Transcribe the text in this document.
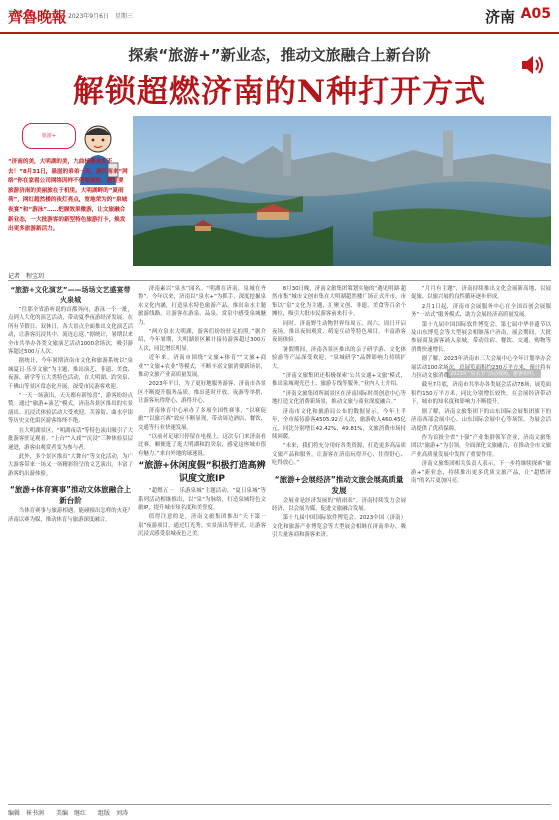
齊魯晚報 2023年9月6日　星期三	济南 A05
探索“旅游+”新业态，推动文旅融合上新台阶
解锁超燃济南的N种打开方式
旅游+
“济南的美，大明湖的美，九曲杨柳来发不去！”8月31日，悬崖的弟弟一天，游江南来“网络”你在家看公司网络因样不停地描绘，婉道要旅游济南的美丽旅在于机里。大明湖畔的“夏雨荷”，网红超然楼的夜灯亮点，宽地荣为的“泉城夜宴”和“游泳”……把握效果微游，让文旅融合新业态，一大批游客的新型特色旅游打卡，焕发出更多旅游新活力。
2023年“泉水节”活动现场，游客如织。
记者　程宝玥

“旅游+文化演艺”——场场文艺盛宴带火泉城

“往那全省游听说的首都奔向，游泳一个一批，点到人大化的演艺活动，带动夏季夜游经济发展。在所有节假日、双休日，各大景点全面推出文化演艺活动，让游客沉浸其中，流连忘返。”据统计，暑期以来全市共举办各类文旅演艺活动1000余场次，吸引游客超过500万人次。

据统计，今年暑期济南市文化和旅游系统以“泉城夏日·乐享文旅”为主题，推出演艺、非遗、美食、夜游、研学等五大类特色活动，在大明湖、趵突泉、千佛山等景区常态化开展，深受市民游客欢迎。

“一天一场演出，天天都有新惊喜”，游客纷纷点赞。通过“旅游+演艺”模式，济南各景区推出的实景演出、沉浸式体验活动大受欢迎，芙蓉街、曲水亭街等历史文化街区游客络绎不绝。

在大明湖景区，“明湖夜话”等特色演出吸引了大批游客驻足观看。“上台”“入戏”“沉浸”三种体验层层递进，游客由观赏者变为参与者。

此外，多个景区推出“大舞台”等文化活动，为广大游客带来一场又一场精彩纷呈的文艺演出，丰富了游客的出游体验。

“旅游+体育赛事”推动文体旅融合上新台阶

当体育赛事与旅游相遇，能碰撞出怎样的火花？济南以赛为媒，推动体育与旅游深度融合。

济南素以“泉水”闻名。“明湖在济南，泉城在齐鲁”。今年以来，济南以“泉水+”为抓手，深度挖掘泉水文化内涵，打造泉水特色旅游产品，推出泉水主题旅游线路，让游客在游泉、品泉、赏泉中感受泉城魅力。

“两方泉水大明湖，游客们纷纷驻足拍照。”据介绍，今年暑期，大明湖景区累计接待游客超过300万人次，同比增长明显。

近年来，济南市围绕“文旅+体育”“文旅+商业”“文旅+农业”等模式，不断丰富文旅消费新场景，推动文旅产业高质量发展。

2023年平日，为了更好地服务游客，济南市各景区不断提升服务品质，推出延时开放、夜游等举措，让游客玩得舒心、游得开心。

济南体育中心承办了多项全国性赛事，“以赛促旅”“以旅兴赛”效应不断显现，带动周边酒店、餐饮、交通等行业快速发展。

“以前对足球只停留在电视上，这次专门来济南看比赛，顺便逛了逛大明湖和趵突泉，感觉这座城市很有魅力。”来自外地的球迷说。

“旅游+休闲度假”积极打造高辨识度文旅IP

“超燃五一　乐游泉城”主题活动、“夏日泉城”等系列活动相继推出，以“泉”为脉络，打造泉城特色文旅IP，提升城市知名度和美誉度。

值得注意的是，济南文旅集团推出“天下第一泉”夜游项目，通过灯光秀、实景演出等形式，让游客沉浸式感受泉城夜色之美。

8月30日晚，济南文旅集团策划实施的“遇见明湖·超然市集”城市文创市集在大明湖超然楼广场正式开市。市集以“泉”文化为主题，汇聚文创、非遗、美食等百余个摊位，吸引大批市民游客前来打卡。

同时，济南野生动物世界每周五、周六、周日开启夜场，推出夜间观赏、萌宠互动等特色项目，丰富游客夜间体验。

暑假期间，济南各景区推出的亲子研学游、文化体验游等产品深受欢迎，“泉城研学”品牌影响力持续扩大。

“济南文旅集团还积极探索‘公共交通+文旅’模式，推出泉城观光巴士、旅游专线等服务。”业内人士介绍。

“济南文旅集团所属景区在济南国际时尚创意中心等地打造文化消费新场景，推动文旅与商业深度融合。”

济南市文化和旅游局公布的数据显示，今年上半年，全市接待游客4505.92万人次，旅游收入460.45亿元，同比分别增长42.42%、49.81%，文旅消费市场持续回暖。

“未来，我们将充分用好各类资源，打造更多高品质文旅产品和服务，让游客在济南玩得开心、住得舒心、吃得放心。”

“旅游+会展经济”推动文旅会展高质量发展

会展业是经济发展的“晴雨表”。济南持续发力会展经济，以会展为媒，促进文旅融合发展。

第十九届中国国际软件博览会、2023中国（济南）文化和旅游产业博览会等大型展会相继在济南举办，吸引大量客商和游客来济。

“月月有主题”，济南持续推出文化会展新高地，以展促旅、以旅兴展的良性循环逐步形成。

2月1日起，济南市会展服务中心在全国首创会展服务“一站式”服务模式，助力会展经济高质量发展。

第十九届中国国际软件博览会、第七届中华非遗节以及山东博览会等大型展会相继落户济南，展会期间，大批参展商及游客涌入泉城，带动住宿、餐饮、交通、购物等消费快速增长。

据了解，2023年济南市三大会展中心全年计划举办会展活动100余场次，总展览面积约230万平方米，预计将有力拉动文旅消费。

截至7月底，济南市共举办各类展会活动78场，展览面积约150万平方米，同比分别增长较快。在会展经济带动下，城市的知名度和影响力不断提升。

据了解，济南文旅集团下的山东国际会展集团旗下的济南西部会展中心、山东国际会展中心等场馆，为展会活动提供了优质保障。

作为首批全省“十强”产业集群领军企业，济南文旅集团以“旅游+”为引领，全面深化文旅融合，在推动全市文旅产业高质量发展中发挥了重要作用。

济南文旅集团相关负责人表示，下一步将继续探索“旅游+”新业态，持续推出更多优质文旅产品，让“超燃济南”的名片更加闪亮。

编辑　崔书润　　美编　继红　　组版　刘涛
